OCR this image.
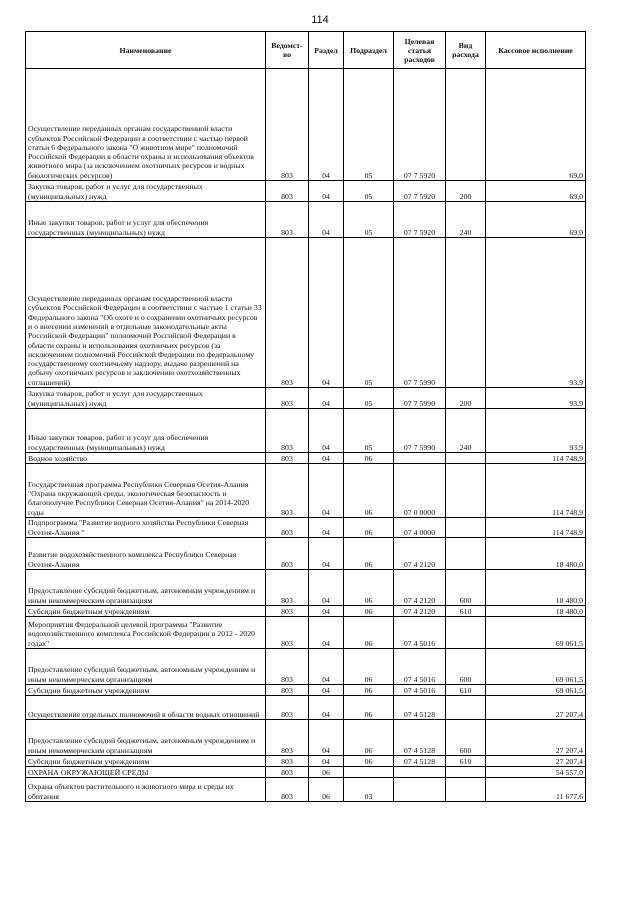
114
Наименование	Ведомст-во	Раздел	Подраздел	Целевая статья расходов	Вид расхода	Кассовое исполнение
Осуществление переданных органам государственной власти субъектов Российской Федерации в соответствии с частью первой статьи 6 Федерального закона "О животном мире" полномочий Российской Федерации в области охраны и использования объектов животного мира (за исключением охотничьих ресурсов и водных биологических ресурсов)	803	04	05	07 7 5920		69,0
Закупка товаров, работ и услуг для государственных (муниципальных) нужд	803	04	05	07 7 5920	200	69,0
Иные закупки товаров, работ и услуг для обеспечения государственных (муниципальных) нужд	803	04	05	07 7 5920	240	69,0
Осуществление переданных органам государственной власти субъектов Российской Федерации в соответствии с частью 1 статьи 33 Федерального закона "Об охоте и о сохранении охотничьих ресурсов и о внесении изменений в отдельные законодательные акты Российской Федерации" полномочий Российской Федерации в области охраны и использования охотничьих ресурсов (за исключением полномочий Российской Федерации по федеральному государственному охотничьему надзору, выдаче разрешений на добычу охотничьих ресурсов и заключению охотхозяйственных соглашений)	803	04	05	07 7 5990		93,9
Закупка товаров, работ и услуг для государственных (муниципальных) нужд	803	04	05	07 7 5990	200	93,9
Иные закупки товаров, работ и услуг для обеспечения государственных (муниципальных) нужд	803	04	05	07 7 5990	240	93,9
Водное хозяйство	803	04	06			114 748,9
Государственная программа Республики Северная Осетия-Алания "Охрана окружающей среды, экологическая безопасность и благополучие Республики Северная Осетия-Алания" на 2014-2020 годы	803	04	06	07 0 0000		114 748,9
Подпрограмма "Развитие водного хозяйства Республики Северная Осетия-Алания "	803	04	06	07 4 0000		114 748,9
Развитие водохозяйственного комплекса Республики Северная Осетия-Алания	803	04	06	07 4 2120		18 480,0
Предоставление субсидий бюджетным, автономным учреждениям и иным некоммерческим организациям	803	04	06	07 4 2120	600	18 480,0
Субсидии бюджетным учреждениям	803	04	06	07 4 2120	610	18 480,0
Мероприятия Федеральной целевой программы "Развитие водохозяйственного комплекса Российской Федерации в 2012 - 2020 годах"	803	04	06	07 4 5016		69 061,5
Предоставление субсидий бюджетным, автономным учреждениям и иным некоммерческим организациям	803	04	06	07 4 5016	600	69 061,5
Субсидии бюджетным учреждениям	803	04	06	07 4 5016	610	69 061,5
Осуществление отдельных полномочий в области водных отношений	803	04	06	07 4 5128		27 207,4
Предоставление субсидий бюджетным, автономным учреждениям и иным некоммерческим организациям	803	04	06	07 4 5128	600	27 207,4
Субсидии бюджетным учреждениям	803	04	06	07 4 5128	610	27 207,4
ОХРАНА ОКРУЖАЮЩЕЙ СРЕДЫ	803	06				54 557,0
Охрана объектов растительного и животного мира и среды их обитания	803	06	03			11 677,6
